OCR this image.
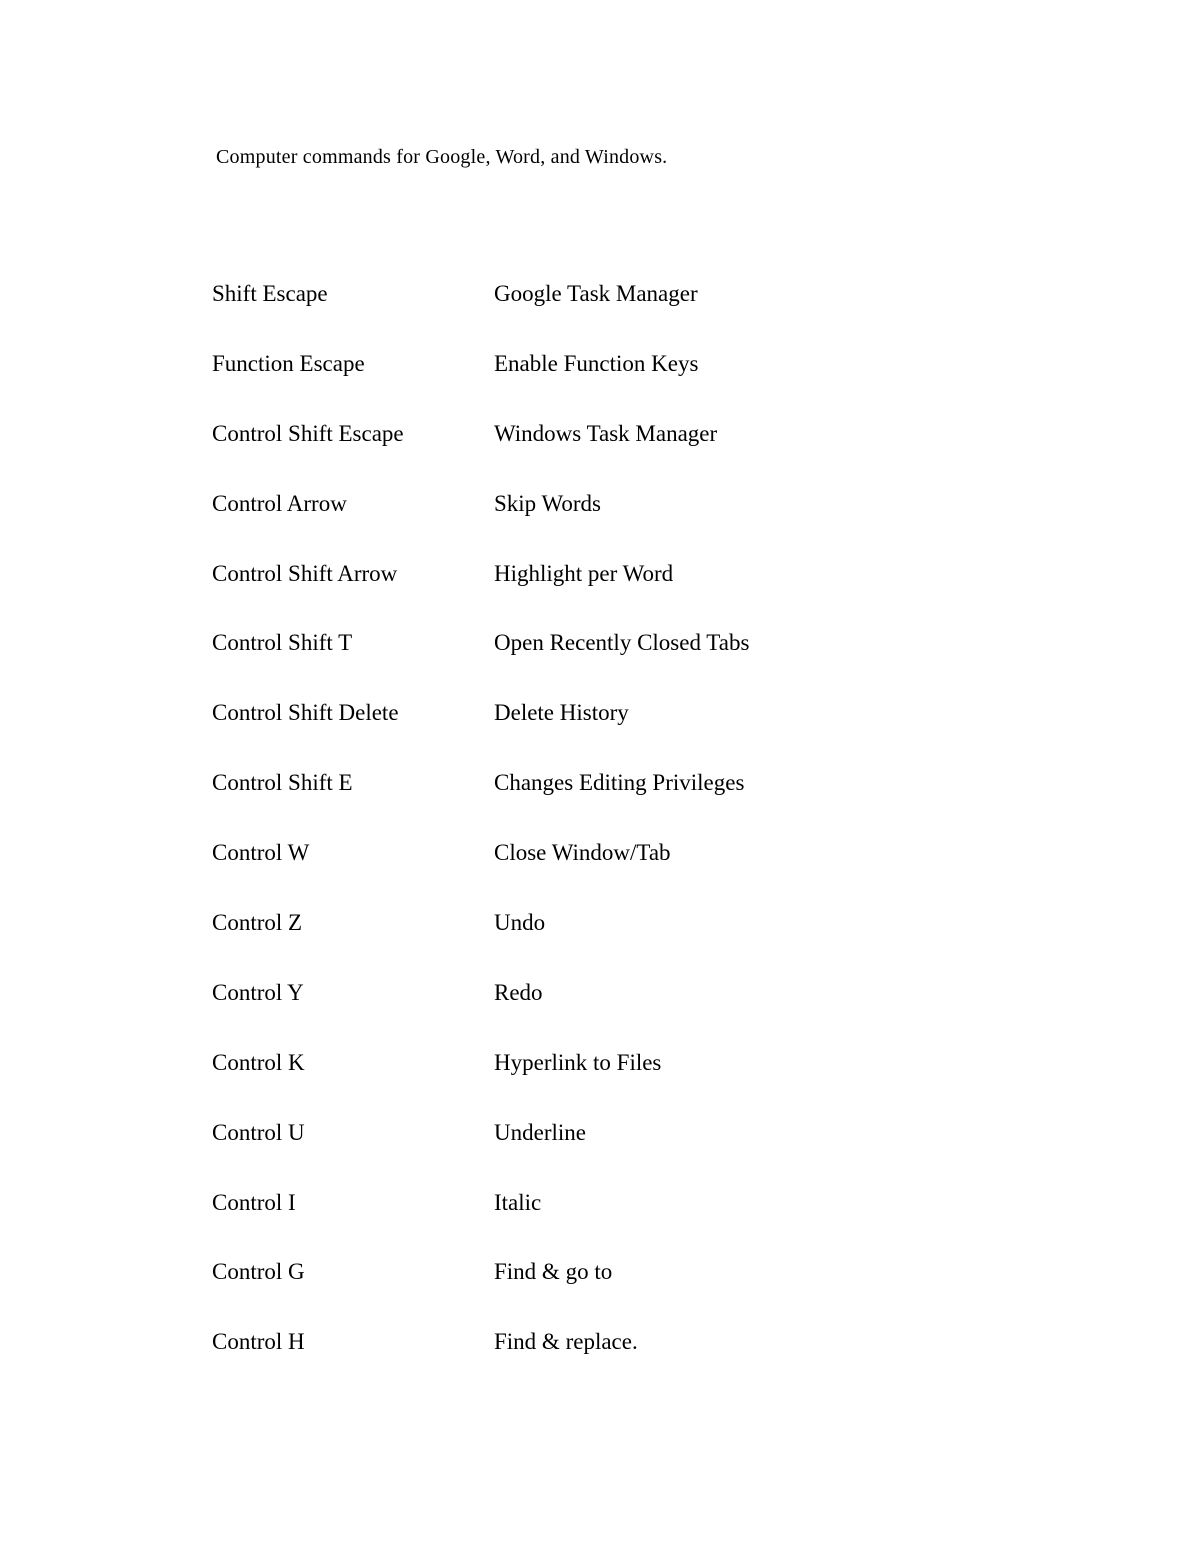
Computer commands for Google, Word, and Windows.
Shift Escape	Google Task Manager
Function Escape	Enable Function Keys
Control Shift Escape	Windows Task Manager
Control Arrow	Skip Words
Control Shift Arrow	Highlight per Word
Control Shift T	Open Recently Closed Tabs
Control Shift Delete	Delete History
Control Shift E	Changes Editing Privileges
Control W	Close Window/Tab
Control Z	Undo
Control Y	Redo
Control K	Hyperlink to Files
Control U	Underline
Control I	Italic
Control G	Find & go to
Control H	Find & replace.
